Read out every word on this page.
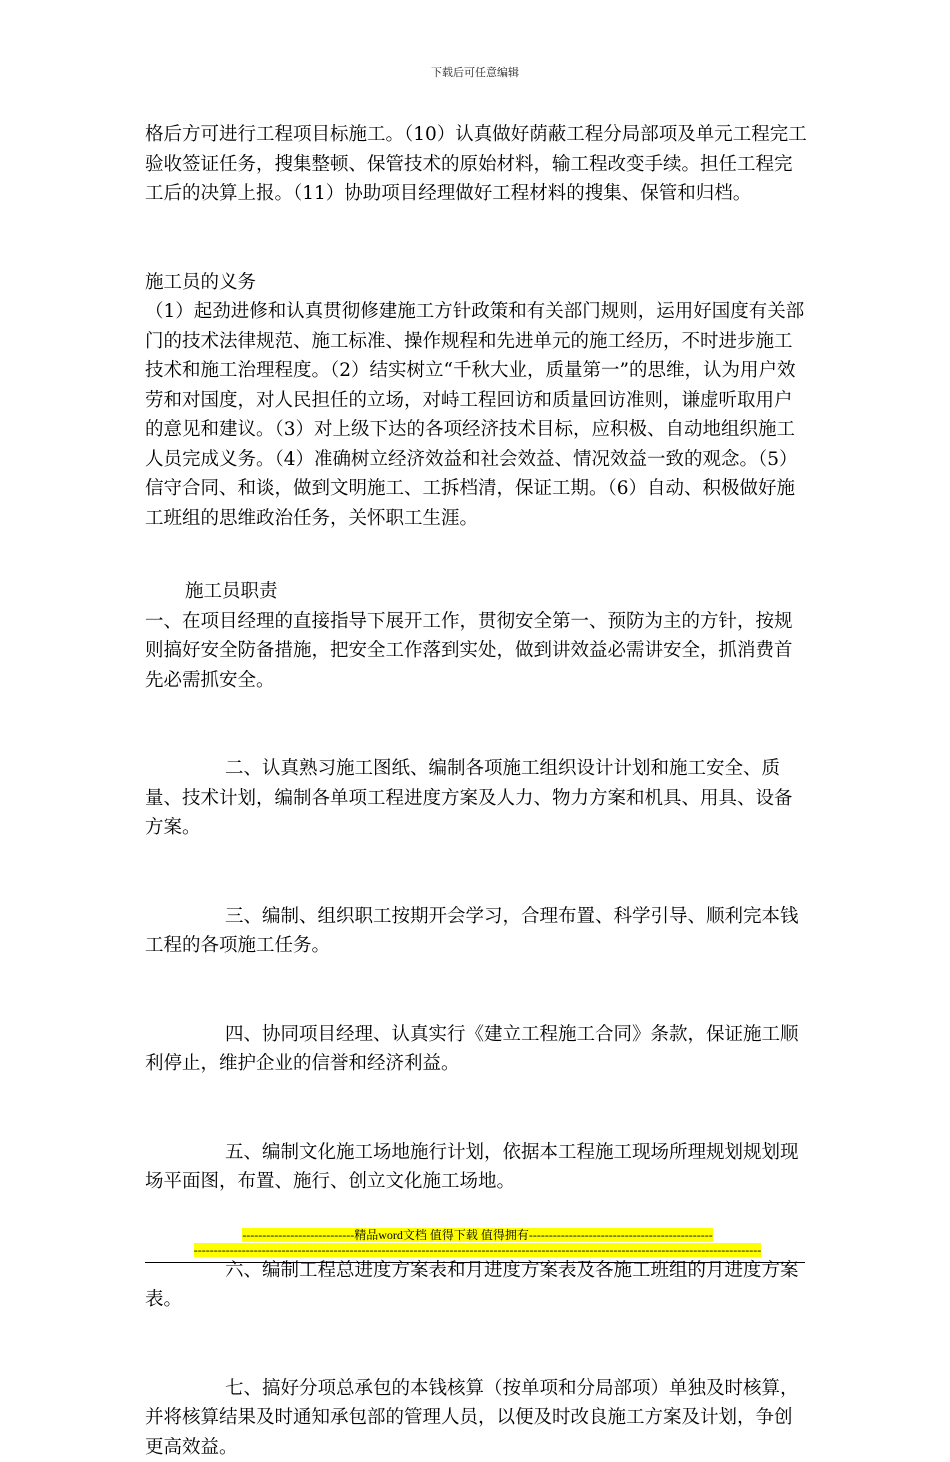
下载后可任意编辑

格后方可进行工程项目标施工。（10）认真做好荫蔽工程分局部项及单元工程完工验收签证任务，搜集整顿、保管技术的原始材料，输工程改变手续。担任工程完工后的决算上报。（11）协助项目经理做好工程材料的搜集、保管和归档。

施工员的义务

（1）起劲进修和认真贯彻修建施工方针政策和有关部门规则，运用好国度有关部门的技术法律规范、施工标准、操作规程和先进单元的施工经历，不时进步施工技术和施工治理程度。（2）结实树立“千秋大业，质量第一”的思维，认为用户效劳和对国度，对人民担任的立场，对峙工程回访和质量回访准则，谦虚听取用户的意见和建议。（3）对上级下达的各项经济技术目标，应积极、自动地组织施工人员完成义务。（4）准确树立经济效益和社会效益、情况效益一致的观念。（5）信守合同、和谈，做到文明施工、工拆档清，保证工期。（6）自动、积极做好施工班组的思维政治任务，关怀职工生涯。

施工员职责

一、在项目经理的直接指导下展开工作，贯彻安全第一、预防为主的方针，按规则搞好安全防备措施，把安全工作落到实处，做到讲效益必需讲安全，抓消费首先必需抓安全。

二、认真熟习施工图纸、编制各项施工组织设计计划和施工安全、质量、技术计划，编制各单项工程进度方案及人力、物力方案和机具、用具、设备方案。

三、编制、组织职工按期开会学习，合理布置、科学引导、顺利完本钱工程的各项施工任务。

四、协同项目经理、认真实行《建立工程施工合同》条款，保证施工顺利停止，维护企业的信誉和经济利益。

五、编制文化施工场地施行计划，依据本工程施工现场所理规划规划现场平面图，布置、施行、创立文化施工场地。

六、编制工程总进度方案表和月进度方案表及各施工班组的月进度方案表。

七、搞好分项总承包的本钱核算（按单项和分局部项）单独及时核算，并将核算结果及时通知承包部的管理人员，以便及时改良施工方案及计划，争创更高效益。

----------------------------精品word文档 值得下载 值得拥有----------------------------------------------
----------------------------------------------------------------------------------------------------------------------------------------------
